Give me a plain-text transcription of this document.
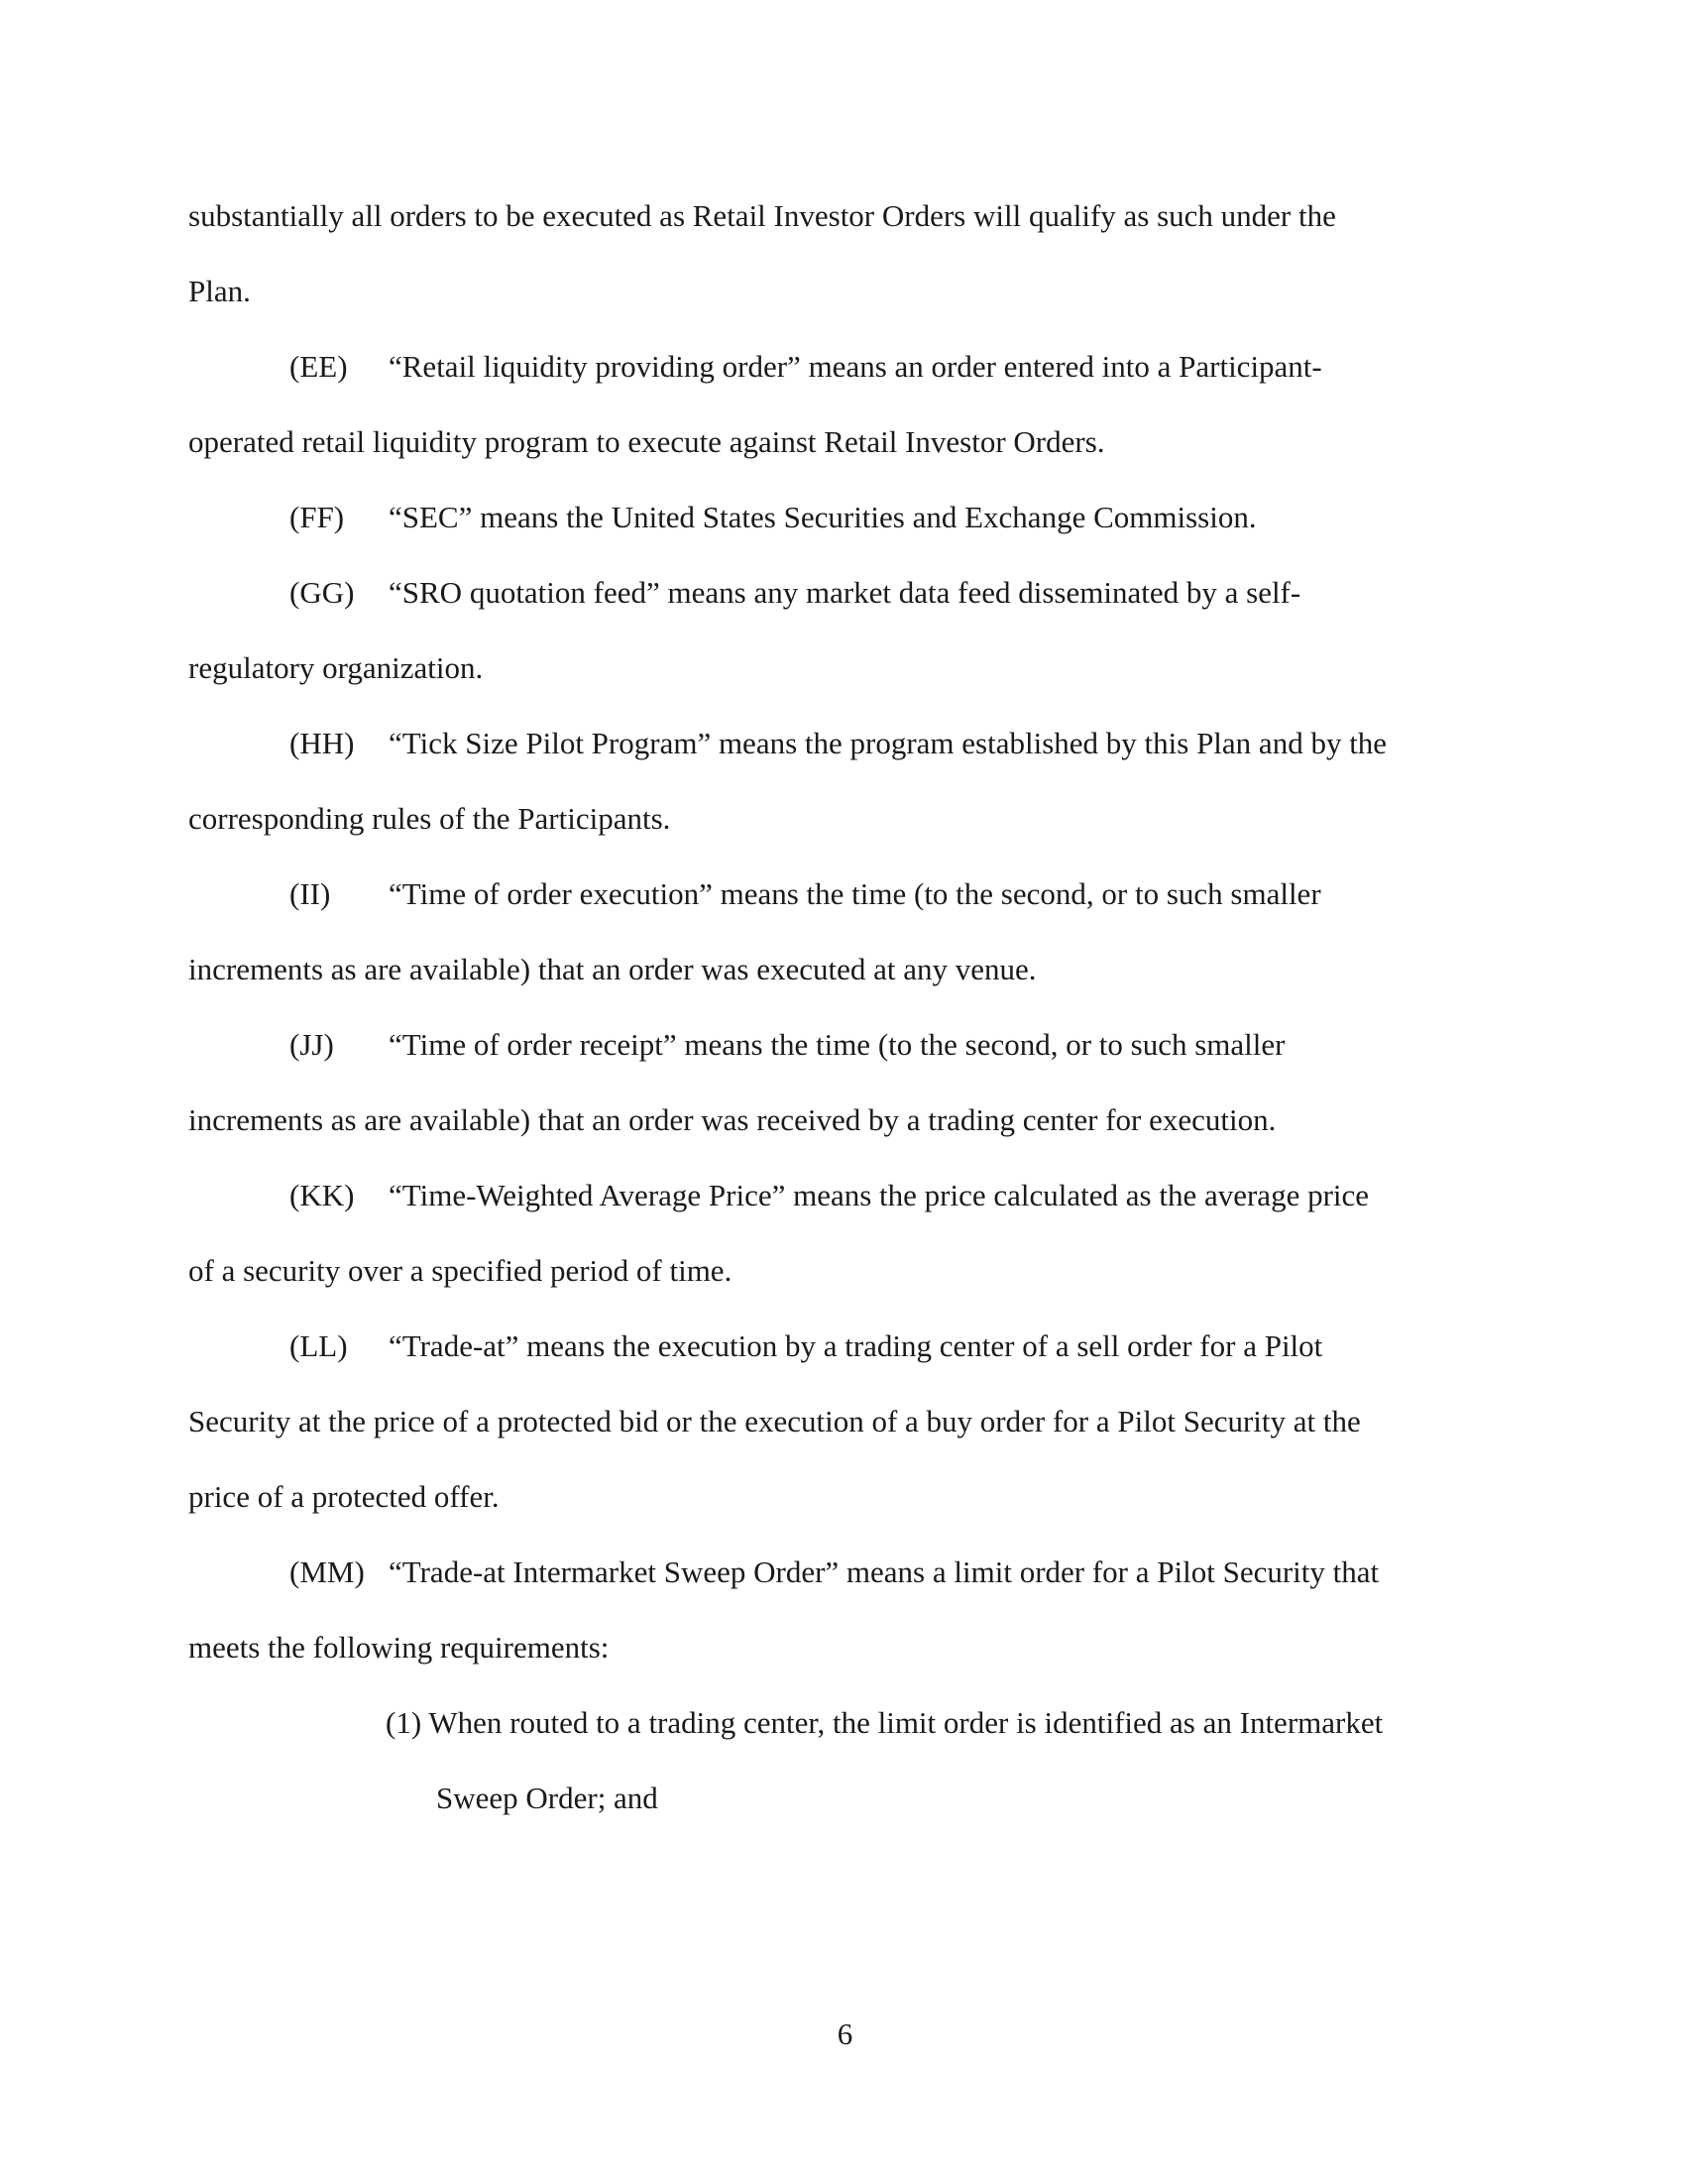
substantially all orders to be executed as Retail Investor Orders will qualify as such under the

Plan.

(EE) “Retail liquidity providing order” means an order entered into a Participant-

operated retail liquidity program to execute against Retail Investor Orders.

(FF) “SEC” means the United States Securities and Exchange Commission.

(GG) “SRO quotation feed” means any market data feed disseminated by a self-

regulatory organization.

(HH) “Tick Size Pilot Program” means the program established by this Plan and by the

corresponding rules of the Participants.

(II) “Time of order execution” means the time (to the second, or to such smaller

increments as are available) that an order was executed at any venue.

(JJ) “Time of order receipt” means the time (to the second, or to such smaller

increments as are available) that an order was received by a trading center for execution.

(KK) “Time-Weighted Average Price” means the price calculated as the average price

of a security over a specified period of time.

(LL) “Trade-at” means the execution by a trading center of a sell order for a Pilot

Security at the price of a protected bid or the execution of a buy order for a Pilot Security at the

price of a protected offer.

(MM) “Trade-at Intermarket Sweep Order” means a limit order for a Pilot Security that

meets the following requirements:

(1) When routed to a trading center, the limit order is identified as an Intermarket

Sweep Order; and

6
